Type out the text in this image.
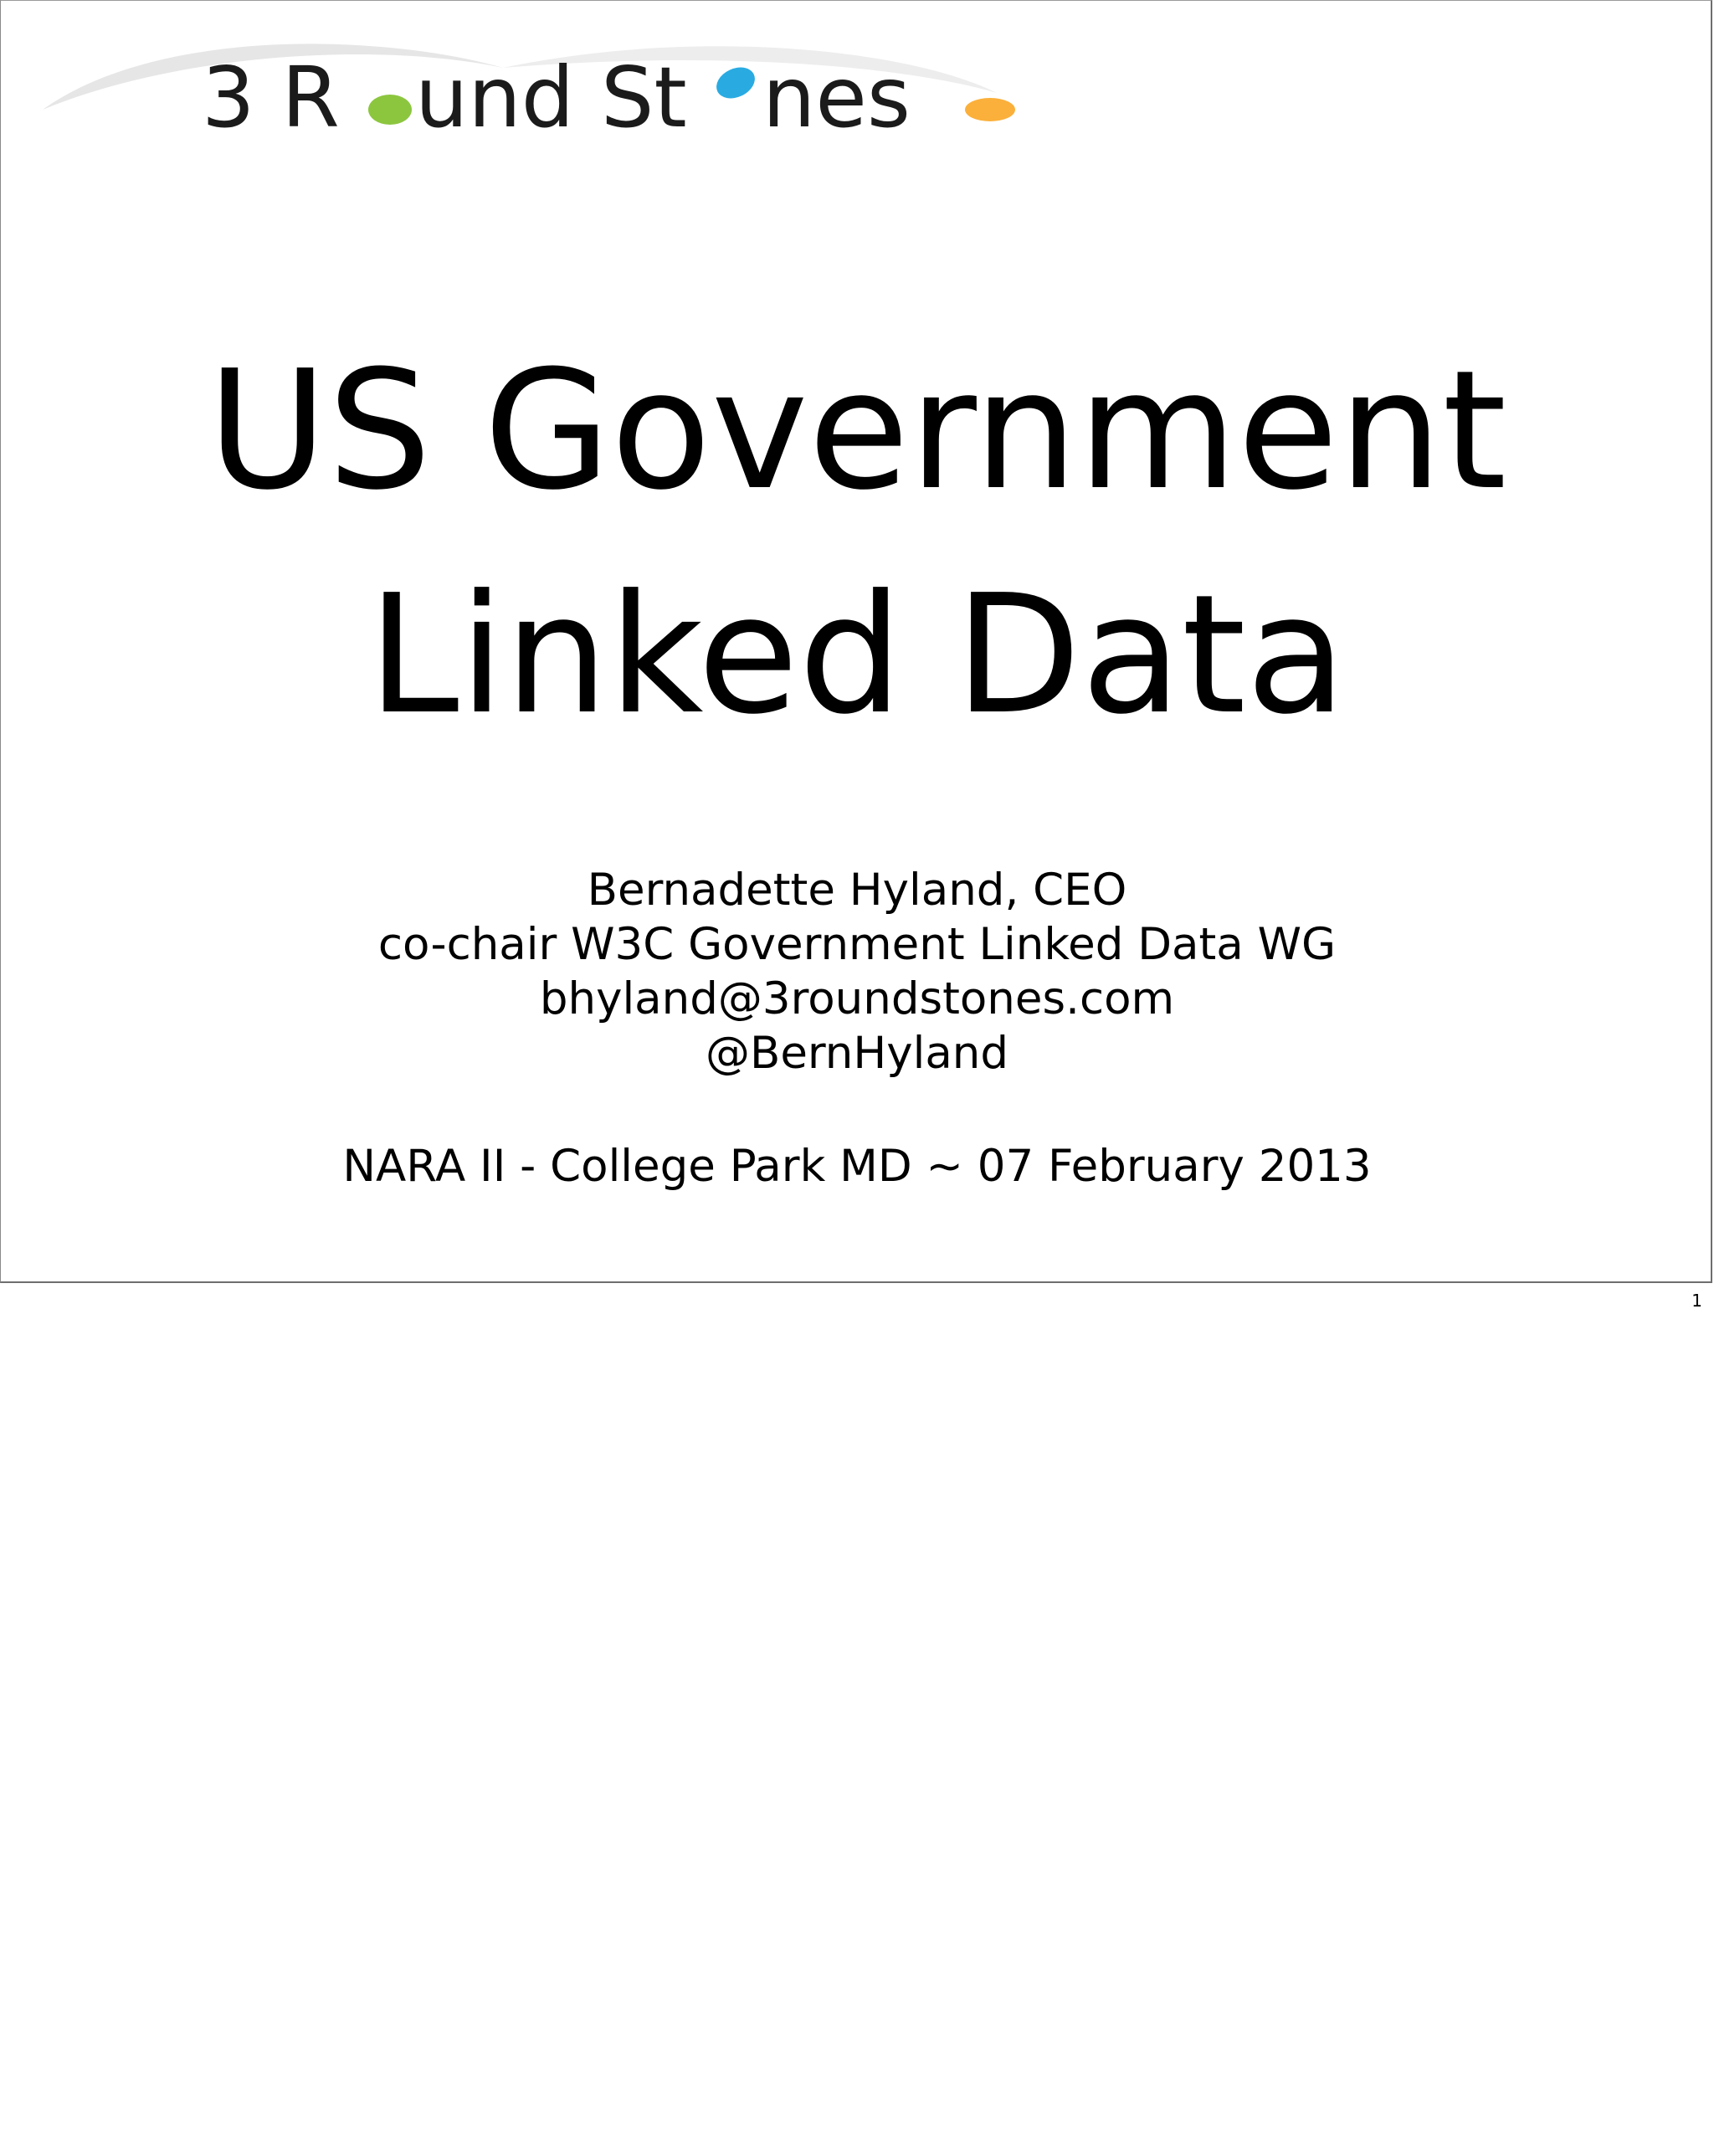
3 R und St nes
US Government
Linked Data
Bernadette Hyland, CEO
co-chair W3C Government Linked Data WG
bhyland@3roundstones.com
@BernHyland
NARA II - College Park MD ~ 07 February 2013
1
